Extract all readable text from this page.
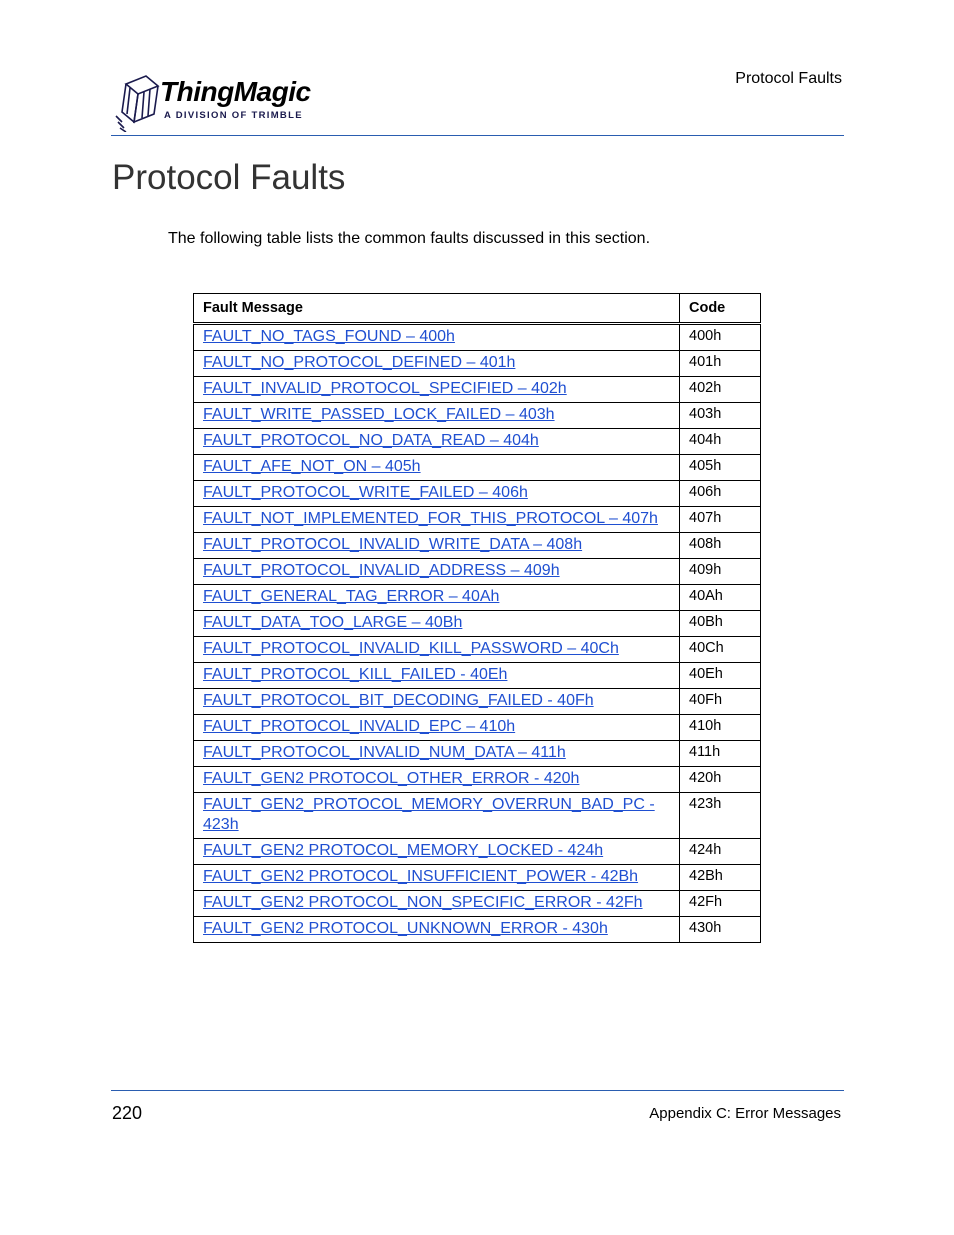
ThingMagic
A DIVISION OF TRIMBLE
Protocol Faults
Protocol Faults

The following table lists the common faults discussed in this section.

Fault Message	Code
FAULT_NO_TAGS_FOUND – 400h	400h
FAULT_NO_PROTOCOL_DEFINED – 401h	401h
FAULT_INVALID_PROTOCOL_SPECIFIED – 402h	402h
FAULT_WRITE_PASSED_LOCK_FAILED – 403h	403h
FAULT_PROTOCOL_NO_DATA_READ – 404h	404h
FAULT_AFE_NOT_ON – 405h	405h
FAULT_PROTOCOL_WRITE_FAILED – 406h	406h
FAULT_NOT_IMPLEMENTED_FOR_THIS_PROTOCOL – 407h	407h
FAULT_PROTOCOL_INVALID_WRITE_DATA – 408h	408h
FAULT_PROTOCOL_INVALID_ADDRESS – 409h	409h
FAULT_GENERAL_TAG_ERROR – 40Ah	40Ah
FAULT_DATA_TOO_LARGE – 40Bh	40Bh
FAULT_PROTOCOL_INVALID_KILL_PASSWORD – 40Ch	40Ch
FAULT_PROTOCOL_KILL_FAILED - 40Eh	40Eh
FAULT_PROTOCOL_BIT_DECODING_FAILED - 40Fh	40Fh
FAULT_PROTOCOL_INVALID_EPC – 410h	410h
FAULT_PROTOCOL_INVALID_NUM_DATA – 411h	411h
FAULT_GEN2 PROTOCOL_OTHER_ERROR - 420h	420h
FAULT_GEN2_PROTOCOL_MEMORY_OVERRUN_BAD_PC - 423h	423h
FAULT_GEN2 PROTOCOL_MEMORY_LOCKED - 424h	424h
FAULT_GEN2 PROTOCOL_INSUFFICIENT_POWER - 42Bh	42Bh
FAULT_GEN2 PROTOCOL_NON_SPECIFIC_ERROR - 42Fh	42Fh
FAULT_GEN2 PROTOCOL_UNKNOWN_ERROR - 430h	430h
220	Appendix C: Error Messages
